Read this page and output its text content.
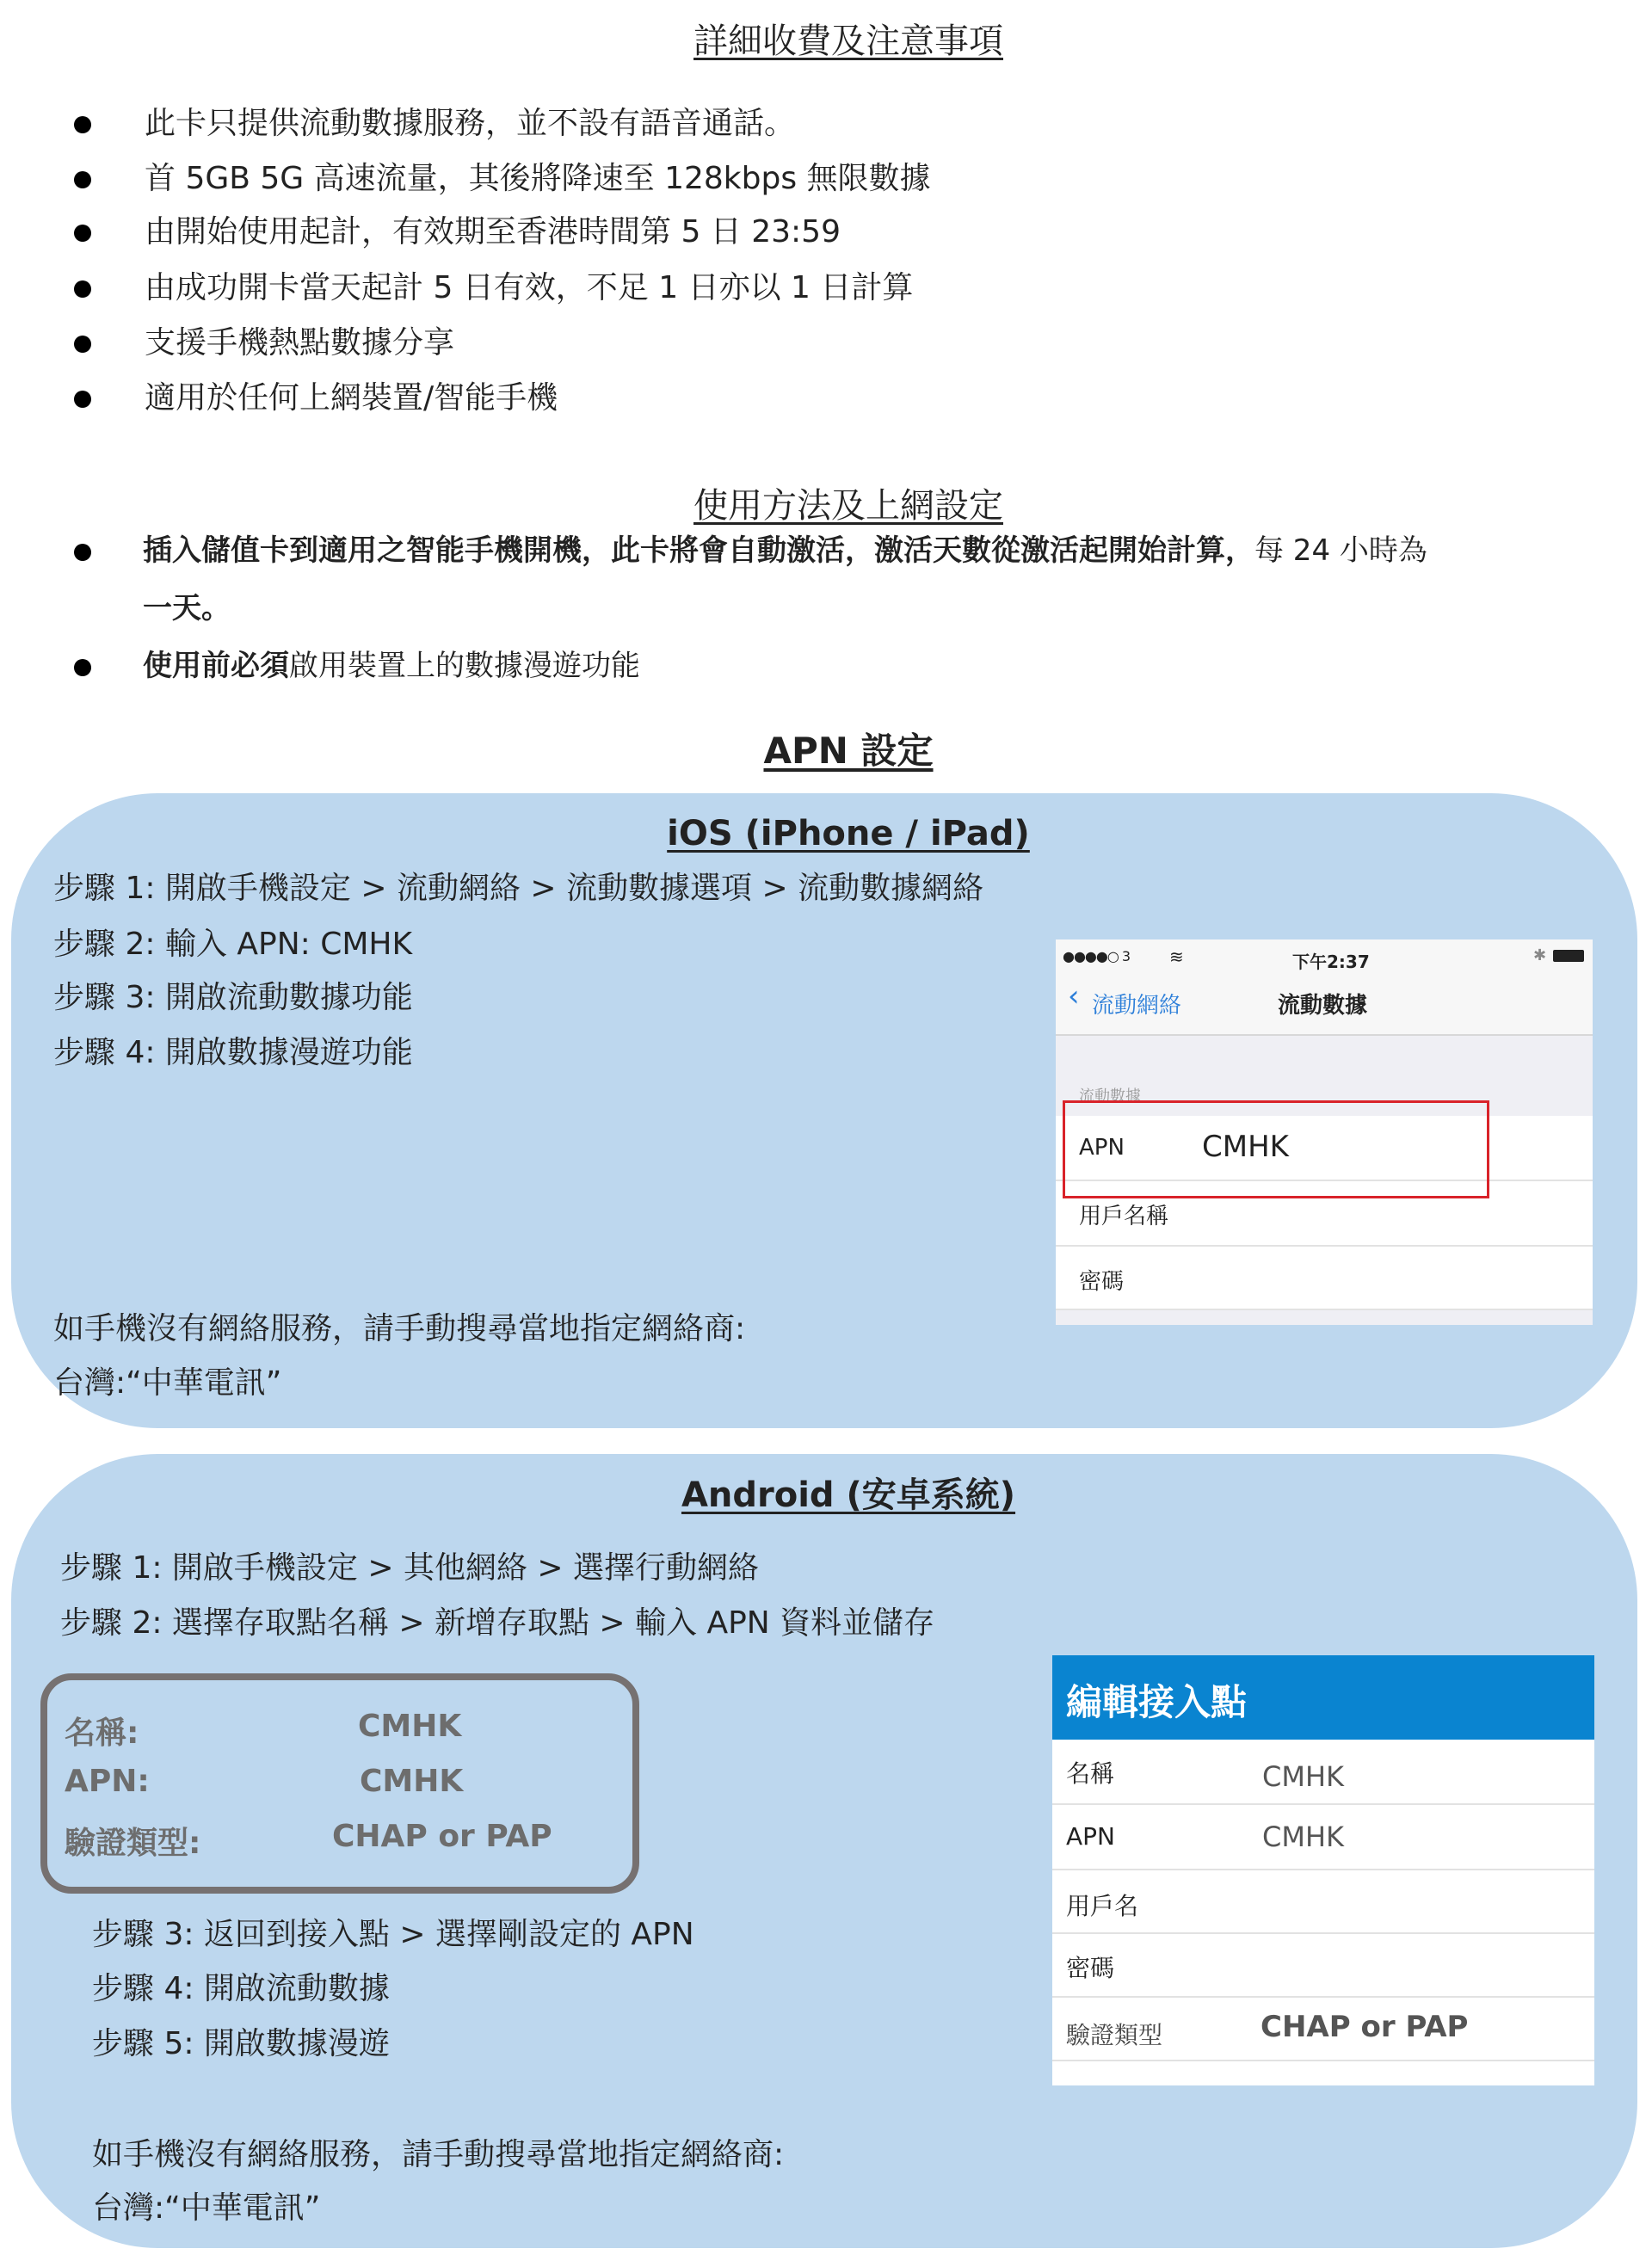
詳細收費及注意事項
此卡只提供流動數據服務，並不設有語音通話。
首 5GB 5G 高速流量，其後將降速至 128kbps 無限數據
由開始使用起計，有效期至香港時間第 5 日 23:59
由成功開卡當天起計 5 日有效，不足 1 日亦以 1 日計算
支援手機熱點數據分享
適用於任何上網裝置/智能手機
使用方法及上網設定
插入儲值卡到適用之智能手機開機，此卡將會自動激活，激活天數從激活起開始計算，每 24 小時為
一天。
使用前必須啟用裝置上的數據漫遊功能
APN 設定
iOS (iPhone / iPad)
步驟 1: 開啟手機設定 > 流動網絡 > 流動數據選項 > 流動數據網絡
步驟 2: 輸入 APN: CMHK
步驟 3: 開啟流動數據功能
步驟 4: 開啟數據漫遊功能
如手機沒有網絡服務，請手動搜尋當地指定網絡商:
台灣:“中華電訊”
●●●●○ 3	≋	下午2:37	✱
‹ 流動網絡	流動數據
流動數據
APN	CMHK
用戶名稱
密碼
Android (安卓系統)
步驟 1: 開啟手機設定 > 其他網絡 > 選擇行動網絡
步驟 2: 選擇存取點名稱 > 新增存取點 > 輸入 APN 資料並儲存
名稱:	CMHK
APN:	CMHK
驗證類型:	CHAP or PAP
步驟 3: 返回到接入點 > 選擇剛設定的 APN
步驟 4: 開啟流動數據
步驟 5: 開啟數據漫遊
如手機沒有網絡服務，請手動搜尋當地指定網絡商:
台灣:“中華電訊”
編輯接入點
名稱	CMHK
APN	CMHK
用戶名
密碼
驗證類型	CHAP or PAP
